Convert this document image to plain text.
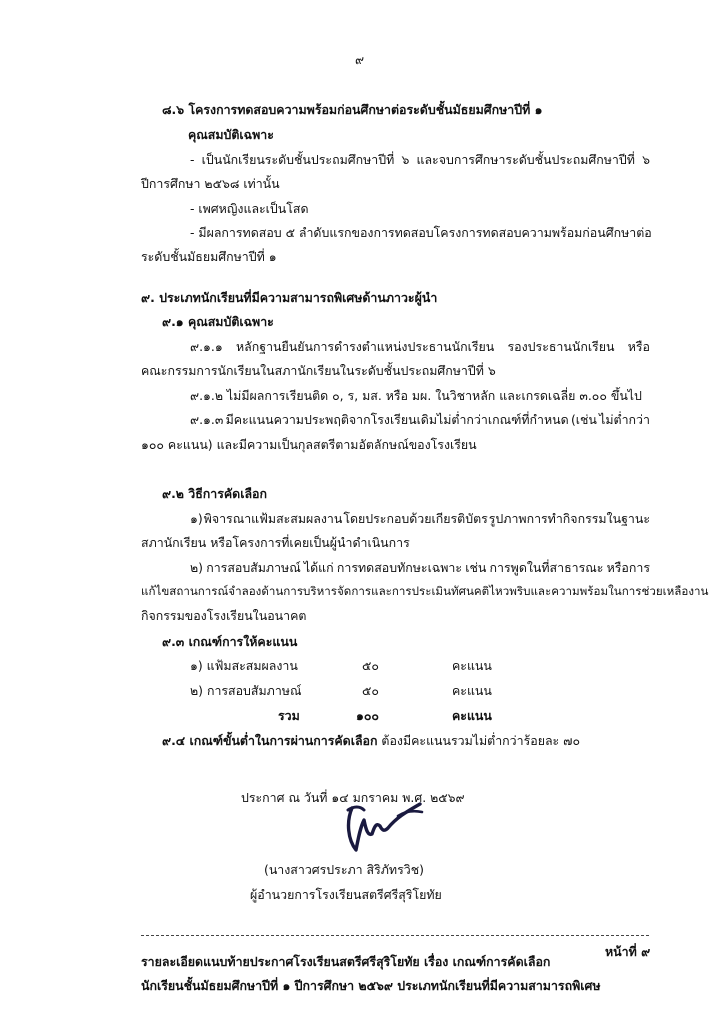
๙
๘.๖ โครงการทดสอบความพร้อมก่อนศึกษาต่อระดับชั้นมัธยมศึกษาปีที่ ๑
คุณสมบัติเฉพาะ
- เป็นนักเรียนระดับชั้นประถมศึกษาปีที่ ๖ และจบการศึกษาระดับชั้นประถมศึกษาปีที่ ๖
ปีการศึกษา ๒๕๖๘ เท่านั้น
- เพศหญิงและเป็นโสด
- มีผลการทดสอบ ๕ ลำดับแรกของการทดสอบโครงการทดสอบความพร้อมก่อนศึกษาต่อ
ระดับชั้นมัธยมศึกษาปีที่ ๑
๙. ประเภทนักเรียนที่มีความสามารถพิเศษด้านภาวะผู้นำ
๙.๑ คุณสมบัติเฉพาะ
๙.๑.๑ หลักฐานยืนยันการดำรงตำแหน่งประธานนักเรียน รองประธานนักเรียน หรือ
คณะกรรมการนักเรียนในสภานักเรียนในระดับชั้นประถมศึกษาปีที่ ๖
๙.๑.๒ ไม่มีผลการเรียนติด ๐, ร, มส. หรือ มผ. ในวิชาหลัก และเกรดเฉลี่ย ๓.๐๐ ขึ้นไป
๙.๑.๓ มีคะแนนความประพฤติจากโรงเรียนเดิมไม่ต่ำกว่าเกณฑ์ที่กำหนด (เช่น ไม่ต่ำกว่า
๑๐๐ คะแนน) และมีความเป็นกุลสตรีตามอัตลักษณ์ของโรงเรียน
๙.๒ วิธีการคัดเลือก
๑) พิจารณาแฟ้มสะสมผลงาน โดยประกอบด้วยเกียรติบัตร รูปภาพการทำกิจกรรมในฐานะ
สภานักเรียน หรือโครงการที่เคยเป็นผู้นำดำเนินการ
๒) การสอบสัมภาษณ์ ได้แก่ การทดสอบทักษะเฉพาะ เช่น การพูดในที่สาธารณะ หรือการ
แก้ไขสถานการณ์จำลองด้านการบริหารจัดการ และการประเมินทัศนคติ ไหวพริบ และความพร้อมในการช่วยเหลืองาน
กิจกรรมของโรงเรียนในอนาคต
๙.๓ เกณฑ์การให้คะแนน
๑) แฟ้มสะสมผลงาน	๕๐	คะแนน
๒) การสอบสัมภาษณ์	๕๐	คะแนน
รวม	๑๐๐	คะแนน
๙.๔ เกณฑ์ขั้นต่ำในการผ่านการคัดเลือก ต้องมีคะแนนรวมไม่ต่ำกว่าร้อยละ ๗๐
ประกาศ ณ วันที่ ๑๔ มกราคม พ.ศ. ๒๕๖๙
(นางสาวศรประภา สิริภัทรวิช)
ผู้อำนวยการโรงเรียนสตรีศรีสุริโยทัย
รายละเอียดแนบท้ายประกาศโรงเรียนสตรีศรีสุริโยทัย เรื่อง เกณฑ์การคัดเลือก
นักเรียนชั้นมัธยมศึกษาปีที่ ๑ ปีการศึกษา ๒๕๖๙ ประเภทนักเรียนที่มีความสามารถพิเศษ
หน้าที่ ๙
